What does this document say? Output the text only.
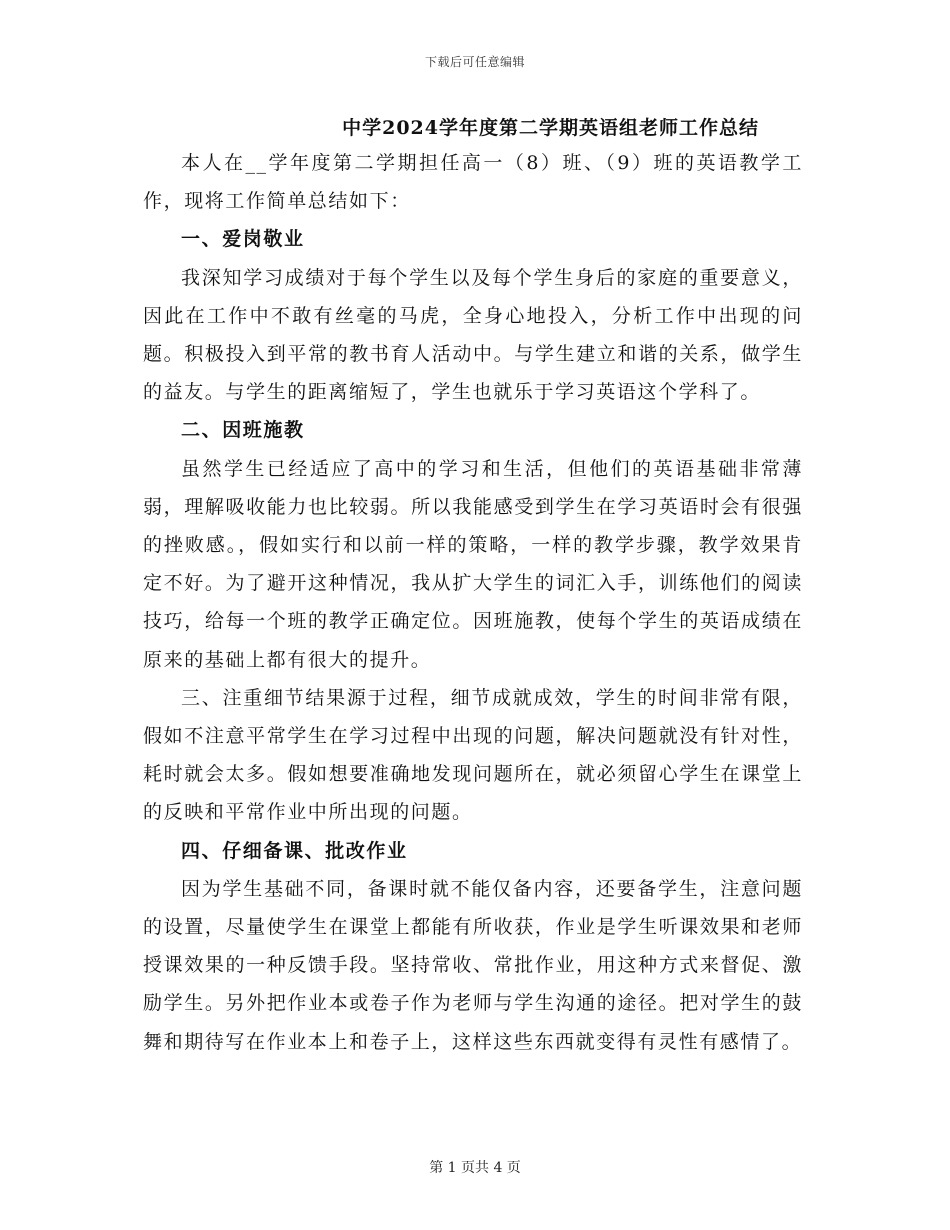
下载后可任意编辑
中学2024学年度第二学期英语组老师工作总结

本人在__学年度第二学期担任高一（8）班、（9）班的英语教学工作，现将工作简单总结如下：

一、爱岗敬业

我深知学习成绩对于每个学生以及每个学生身后的家庭的重要意义，因此在工作中不敢有丝毫的马虎，全身心地投入，分析工作中出现的问题。积极投入到平常的教书育人活动中。与学生建立和谐的关系，做学生的益友。与学生的距离缩短了，学生也就乐于学习英语这个学科了。

二、因班施教

虽然学生已经适应了高中的学习和生活，但他们的英语基础非常薄弱，理解吸收能力也比较弱。所以我能感受到学生在学习英语时会有很强的挫败感。，假如实行和以前一样的策略，一样的教学步骤，教学效果肯定不好。为了避开这种情况，我从扩大学生的词汇入手，训练他们的阅读技巧，给每一个班的教学正确定位。因班施教，使每个学生的英语成绩在原来的基础上都有很大的提升。

三、注重细节结果源于过程，细节成就成效，学生的时间非常有限，假如不注意平常学生在学习过程中出现的问题，解决问题就没有针对性，耗时就会太多。假如想要准确地发现问题所在，就必须留心学生在课堂上的反映和平常作业中所出现的问题。

四、仔细备课、批改作业

因为学生基础不同，备课时就不能仅备内容，还要备学生，注意问题的设置，尽量使学生在课堂上都能有所收获，作业是学生听课效果和老师授课效果的一种反馈手段。坚持常收、常批作业，用这种方式来督促、激励学生。另外把作业本或卷子作为老师与学生沟通的途径。把对学生的鼓舞和期待写在作业本上和卷子上，这样这些东西就变得有灵性有感情了。

第 1 页共 4 页
